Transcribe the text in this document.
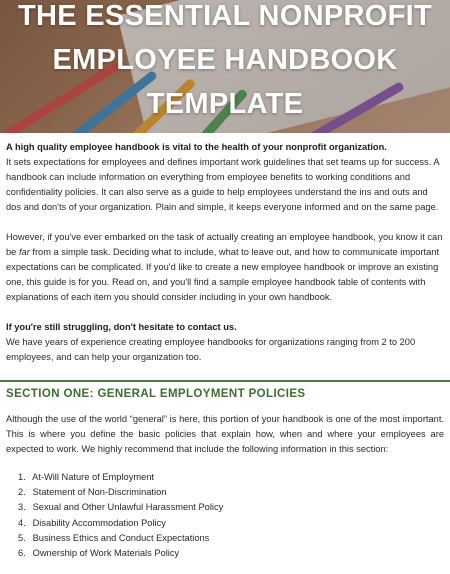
THE ESSENTIAL NONPROFIT
EMPLOYEE HANDBOOK
TEMPLATE

A high quality employee handbook is vital to the health of your nonprofit organization.
It sets expectations for employees and defines important work guidelines that set teams up for success. A handbook can include information on everything from employee benefits to working conditions and confidentiality policies. It can also serve as a guide to help employees understand the ins and outs and dos and don'ts of your organization. Plain and simple, it keeps everyone informed and on the same page.

However, if you've ever embarked on the task of actually creating an employee handbook, you know it can be far from a simple task. Deciding what to include, what to leave out, and how to communicate important expectations can be complicated. If you'd like to create a new employee handbook or improve an existing one, this guide is for you. Read on, and you'll find a sample employee handbook table of contents with explanations of each item you should consider including in your own handbook.

If you're still struggling, don't hesitate to contact us.
We have years of experience creating employee handbooks for organizations ranging from 2 to 200 employees, and can help your organization too.

SECTION ONE: GENERAL EMPLOYMENT POLICIES

Although the use of the world “general” is here, this portion of your handbook is one of the most important. This is where you define the basic policies that explain how, when and where your employees are expected to work. We highly recommend that include the following information in this section:

1. At-Will Nature of Employment
2. Statement of Non-Discrimination
3. Sexual and Other Unlawful Harassment Policy
4. Disability Accommodation Policy
5. Business Ethics and Conduct Expectations
6. Ownership of Work Materials Policy
